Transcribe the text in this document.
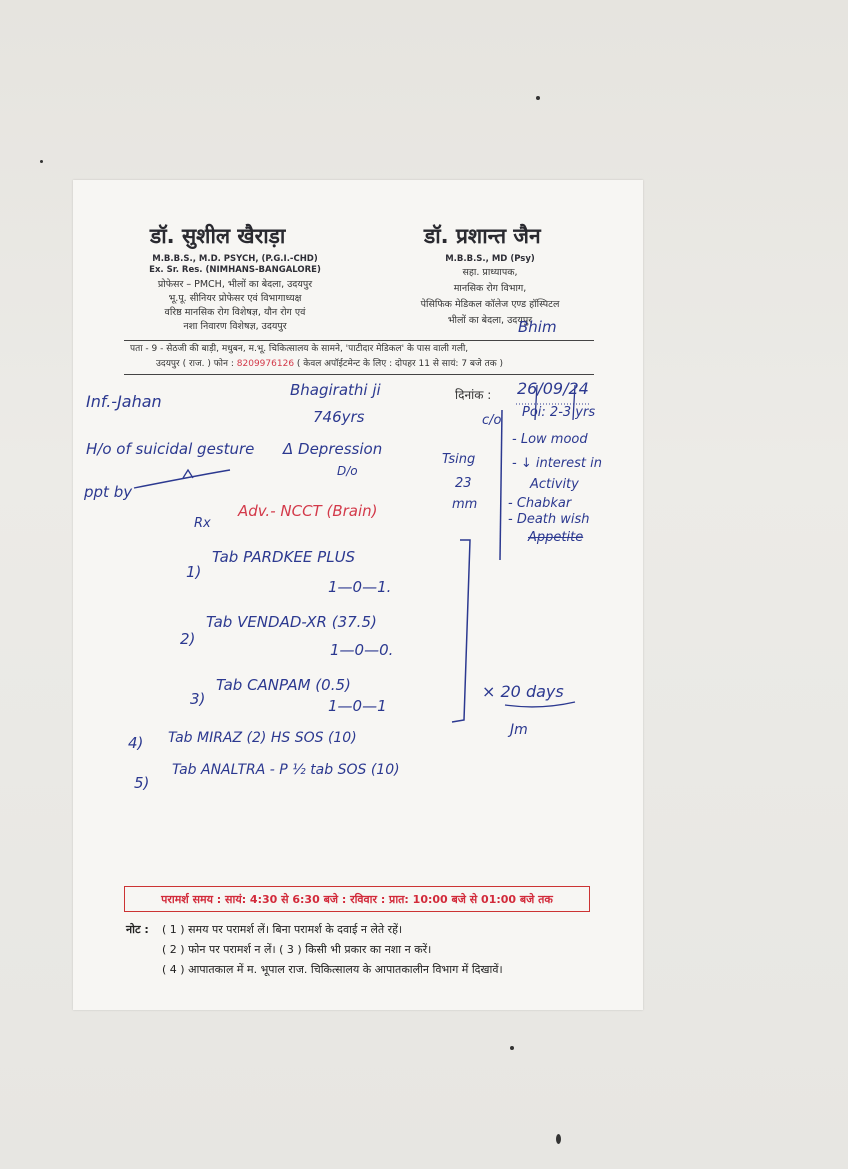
डॉ. सुशील खैराड़ा
M.B.B.S., M.D. PSYCH, (P.G.I.-CHD)
Ex. Sr. Res. (NIMHANS-BANGALORE)
प्रोफेसर – PMCH, भीलों का बेदला, उदयपुर
भू.पू. सीनियर प्रोफेसर एवं विभागाध्यक्ष
वरिष्ठ मानसिक रोग विशेषज्ञ, यौन रोग एवं
नशा निवारण विशेषज्ञ, उदयपुर
डॉ. प्रशान्त जैन
M.B.B.S., MD (Psy)
सहा. प्राध्यापक,
मानसिक रोग विभाग,
पेसिफिक मेडिकल कॉलेज एण्ड हॉस्पिटल
भीलों का बेदला, उदयपुर
Bhim
पता - 9 - सेठजी की बाड़ी, मधुबन, म.भू. चिकित्सालय के सामने, 'पाटीदार मेडिकल' के पास वाली गली,
उदयपुर ( राज. ) फोन : 8209976126 ( केवल अपॉईटमेन्ट के लिए : दोपहर 11 से सायं: 7 बजे तक )
दिनांक :	26/09/24
Bhagirathi ji
746yrs
Inf.-Jahan
H/o of suicidal gesture
ppt by
Δ Depression
D/o
Tsing
23
mm
c/o
Poi: 2-3 yrs
- Low mood
- ↓ interest in
Activity
- Chabkar
- Death wish
Appetite
Adv.- NCCT (Brain)
Rx
1)
Tab PARDKEE PLUS
1—0—1.
2)
Tab VENDAD-XR (37.5)
1—0—0.
3)
Tab CANPAM (0.5)
1—0—1
4) Tab MIRAZ (2) HS SOS (10)
5)
Tab ANALTRA - P ½ tab SOS (10)
× 20 days
Jm
परामर्श समय : सायं: 4:30 से 6:30 बजे : रविवार : प्रात: 10:00 बजे से 01:00 बजे तक
नोट : ( 1 ) समय पर परामर्श लें। बिना परामर्श के दवाई न लेते रहें।
( 2 ) फोन पर परामर्श न लें। ( 3 ) किसी भी प्रकार का नशा न करें।
( 4 ) आपातकाल में म. भूपाल राज. चिकित्सालय के आपातकालीन विभाग में दिखावें।
